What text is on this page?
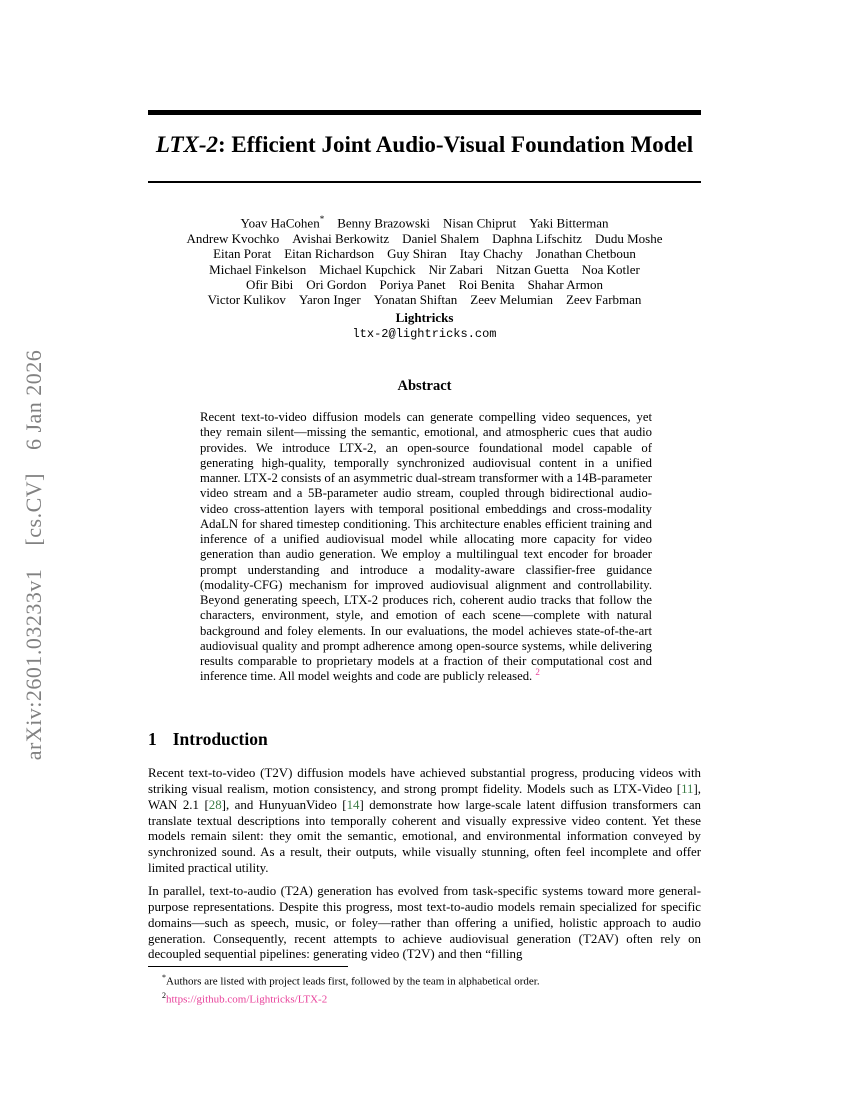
arXiv:2601.03233v1  [cs.CV]  6 Jan 2026
LTX-2: Efficient Joint Audio-Visual Foundation Model
Yoav HaCohen*  Benny Brazowski  Nisan Chiprut  Yaki Bitterman
Andrew Kvochko  Avishai Berkowitz  Daniel Shalem  Daphna Lifschitz  Dudu Moshe
Eitan Porat  Eitan Richardson  Guy Shiran  Itay Chachy  Jonathan Chetboun
Michael Finkelson  Michael Kupchick  Nir Zabari  Nitzan Guetta  Noa Kotler
Ofir Bibi  Ori Gordon  Poriya Panet  Roi Benita  Shahar Armon
Victor Kulikov  Yaron Inger  Yonatan Shiftan  Zeev Melumian  Zeev Farbman
Lightricks
ltx-2@lightricks.com
Abstract

Recent text-to-video diffusion models can generate compelling video sequences, yet they remain silent—missing the semantic, emotional, and atmospheric cues that audio provides. We introduce LTX-2, an open-source foundational model capable of generating high-quality, temporally synchronized audiovisual content in a unified manner. LTX-2 consists of an asymmetric dual-stream transformer with a 14B-parameter video stream and a 5B-parameter audio stream, coupled through bidirectional audio-video cross-attention layers with temporal positional embeddings and cross-modality AdaLN for shared timestep conditioning. This architecture enables efficient training and inference of a unified audiovisual model while allocating more capacity for video generation than audio generation. We employ a multilingual text encoder for broader prompt understanding and introduce a modality-aware classifier-free guidance (modality-CFG) mechanism for improved audiovisual alignment and controllability. Beyond generating speech, LTX-2 produces rich, coherent audio tracks that follow the characters, environment, style, and emotion of each scene—complete with natural background and foley elements. In our evaluations, the model achieves state-of-the-art audiovisual quality and prompt adherence among open-source systems, while delivering results comparable to proprietary models at a fraction of their computational cost and inference time. All model weights and code are publicly released. $^2$

1 Introduction

Recent text-to-video (T2V) diffusion models have achieved substantial progress, producing videos with striking visual realism, motion consistency, and strong prompt fidelity. Models such as LTX-Video [11], WAN 2.1 [28], and HunyuanVideo [14] demonstrate how large-scale latent diffusion transformers can translate textual descriptions into temporally coherent and visually expressive video content. Yet these models remain silent: they omit the semantic, emotional, and environmental information conveyed by synchronized sound. As a result, their outputs, while visually stunning, often feel incomplete and offer limited practical utility.

In parallel, text-to-audio (T2A) generation has evolved from task-specific systems toward more general-purpose representations. Despite this progress, most text-to-audio models remain specialized for specific domains—such as speech, music, or foley—rather than offering a unified, holistic approach to audio generation. Consequently, recent attempts to achieve audiovisual generation (T2AV) often rely on decoupled sequential pipelines: generating video (T2V) and then “filling

*Authors are listed with project leads first, followed by the team in alphabetical order.
$^2$https://github.com/Lightricks/LTX-2
